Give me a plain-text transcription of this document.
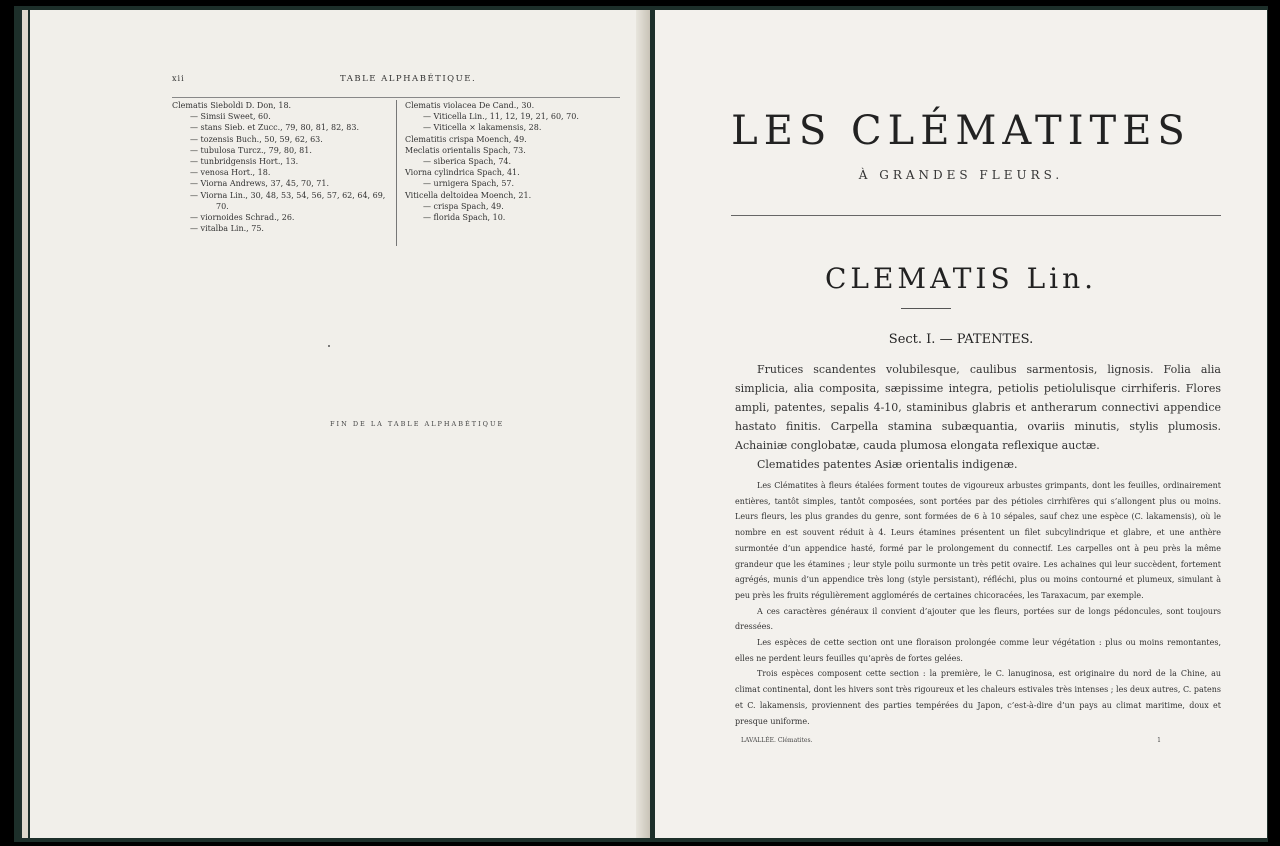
xii	TABLE ALPHABÉTIQUE.
Clematis Sieboldi D. Don, 18.
— Simsii Sweet, 60.
— stans Sieb. et Zucc., 79, 80, 81, 82, 83.
— tozensis Buch., 50, 59, 62, 63.
— tubulosa Turcz., 79, 80, 81.
— tunbridgensis Hort., 13.
— venosa Hort., 18.
— Viorna Andrews, 37, 45, 70, 71.
— Viorna Lin., 30, 48, 53, 54, 56, 57, 62, 64, 69,
70.
— viornoides Schrad., 26.
— vitalba Lin., 75.
Clematis violacea De Cand., 30.
— Viticella Lin., 11, 12, 19, 21, 60, 70.
— Viticella × lakamensis, 28.
Clematitis crispa Moench, 49.
Meclatis orientalis Spach, 73.
— siberica Spach, 74.
Viorna cylindrica Spach, 41.
— urnigera Spach, 57.
Viticella deltoidea Moench, 21.
— crispa Spach, 49.
— florida Spach, 10.
FIN DE LA TABLE ALPHABÉTIQUE
LES CLÉMATITES
À GRANDES FLEURS.
CLEMATIS Lin.
Sect. I. — PATENTES.
Frutices scandentes volubilesque, caulibus sarmentosis, lignosis. Folia alia simplicia, alia composita, sæpissime integra, petiolis petiolulisque cirrhiferis. Flores ampli, patentes, sepalis 4-10, staminibus glabris et antherarum connectivi appendice hastato finitis. Carpella stamina subæquantia, ovariis minutis, stylis plumosis. Achainiæ conglobatæ, cauda plumosa elongata reflexique auctæ.
Clematides patentes Asiæ orientalis indigenæ.

Les Clématites à fleurs étalées forment toutes de vigoureux arbustes grimpants, dont les feuilles, ordinairement entières, tantôt simples, tantôt composées, sont portées par des pétioles cirrhifères qui s’allongent plus ou moins. Leurs fleurs, les plus grandes du genre, sont formées de 6 à 10 sépales, sauf chez une espèce (C. lakamensis), où le nombre en est souvent réduit à 4. Leurs étamines présentent un filet subcylindrique et glabre, et une anthère surmontée d’un appendice hasté, formé par le prolongement du connectif. Les carpelles ont à peu près la même grandeur que les étamines ; leur style poilu surmonte un très petit ovaire. Les achaines qui leur succèdent, fortement agrégés, munis d’un appendice très long (style persistant), réfléchi, plus ou moins contourné et plumeux, simulant à peu près les fruits régulièrement agglomérés de certaines chicoracées, les Taraxacum, par exemple.

A ces caractères généraux il convient d’ajouter que les fleurs, portées sur de longs pédoncules, sont toujours dressées.

Les espèces de cette section ont une floraison prolongée comme leur végétation : plus ou moins remontantes, elles ne perdent leurs feuilles qu’après de fortes gelées.

Trois espèces composent cette section : la première, le C. lanuginosa, est originaire du nord de la Chine, au climat continental, dont les hivers sont très rigoureux et les chaleurs estivales très intenses ; les deux autres, C. patens et C. lakamensis, proviennent des parties tempérées du Japon, c’est-à-dire d’un pays au climat maritime, doux et presque uniforme.

LAVALLÉE. Clématites.	1
